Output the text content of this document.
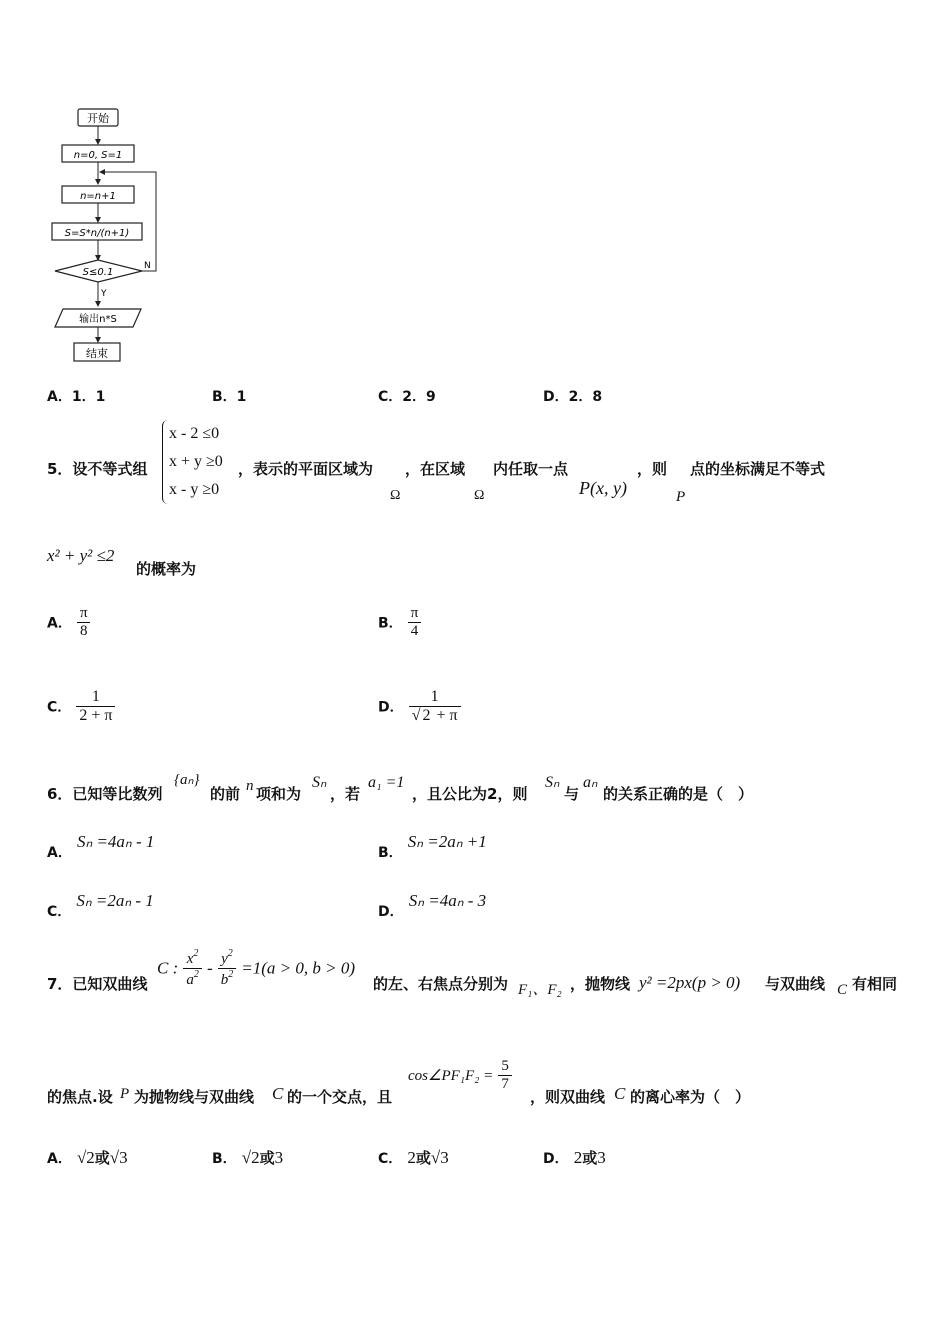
开始
n=0, S=1
n=n+1
S=S*n/(n+1)
S≤0.1
N
Y
输出n*S
结束
A．1．1	B．1	C．2．9	D．2．8
5．设不等式组
x - 2 ≤0
x + y ≥0
x - y ≥0
，表示的平面区域为 ，在区域 内任取一点	，则 点的坐标满足不等式
Ω	Ω	P(x, y)	P
x² + y² ≤2
的概率为
A． $\frac{\pi}{8}$	B． $\frac{\pi}{4}$
C． $\frac{1}{2 + \pi}$	D． $\frac{1}{√ 2 + \pi}$
6．已知等比数列
{aₙ}
的前 n 项和为
Sₙ
，若
a₁ =1
，且公比为2，则
Sₙ
与
aₙ
的关系正确的是（　）
A． Sₙ =4aₙ - 1
B． Sₙ =2aₙ +1
C． Sₙ =2aₙ - 1
D． Sₙ =4aₙ - 3
7．已知双曲线
C : $\frac{x^2}{a^2} - \frac{y^2}{b^2} =1(a > 0$, b > 0)
的左、右焦点分别为 F₁、F₂ ，抛物线 y² =2px(p > 0) 与双曲线 C 有相同
的焦点.设 P 为抛物线与双曲线 C 的一个交点，且
cos∠PF₁F₂ = $\frac{5}{7}$
，则双曲线 C 的离心率为（　）
A． √2或√3	B． √2或3	C． 2或√3	D． 2或3
